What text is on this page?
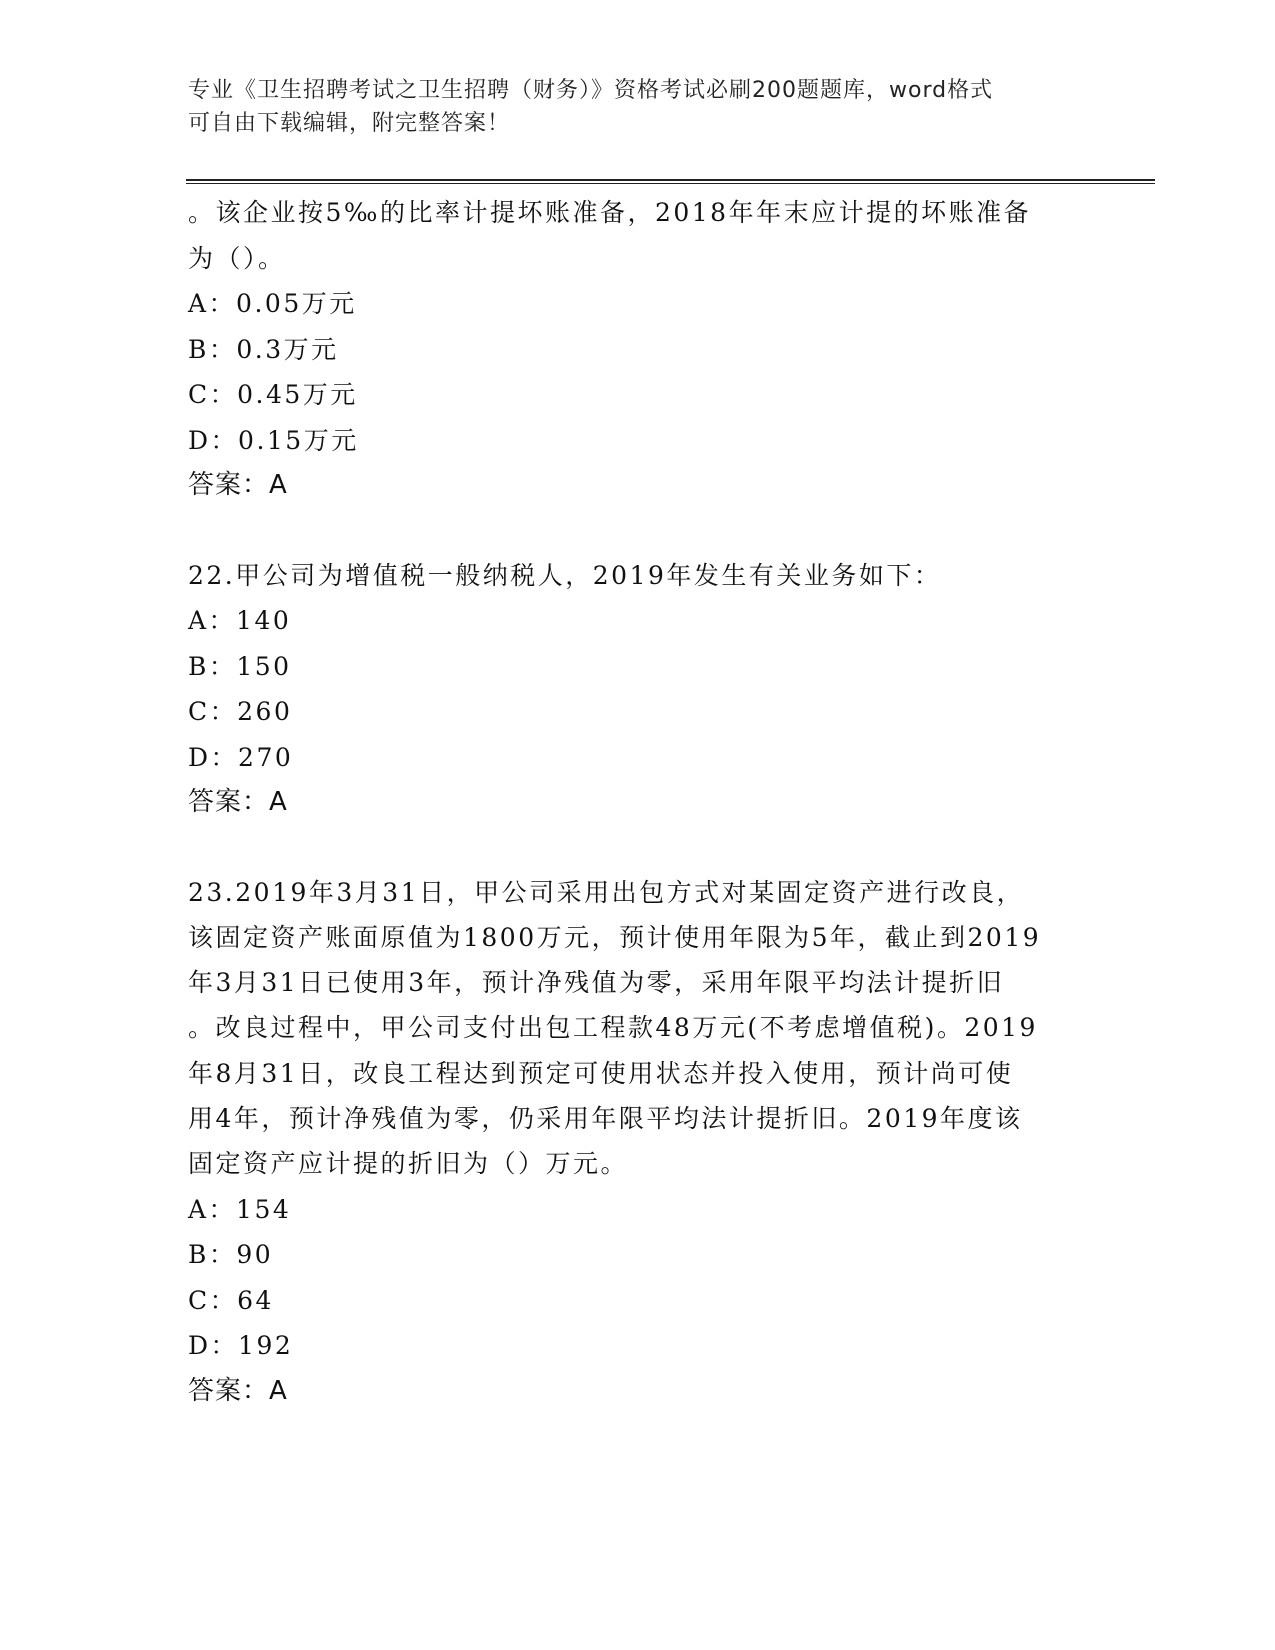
专业《卫生招聘考试之卫生招聘（财务）》资格考试必刷200题题库，word格式
可自由下载编辑，附完整答案！
。该企业按5‰的比率计提坏账准备，2018年年末应计提的坏账准备
为（）。
A：0.05万元
B：0.3万元
C：0.45万元
D：0.15万元
答案：A
22.甲公司为增值税一般纳税人，2019年发生有关业务如下：
A：140
B：150
C：260
D：270
答案：A
23.2019年3月31日，甲公司采用出包方式对某固定资产进行改良，
该固定资产账面原值为1800万元，预计使用年限为5年，截止到2019
年3月31日已使用3年，预计净残值为零，采用年限平均法计提折旧
。改良过程中，甲公司支付出包工程款48万元(不考虑增值税)。2019
年8月31日，改良工程达到预定可使用状态并投入使用，预计尚可使
用4年，预计净残值为零，仍采用年限平均法计提折旧。2019年度该
固定资产应计提的折旧为（）万元。
A：154
B：90
C：64
D：192
答案：A
